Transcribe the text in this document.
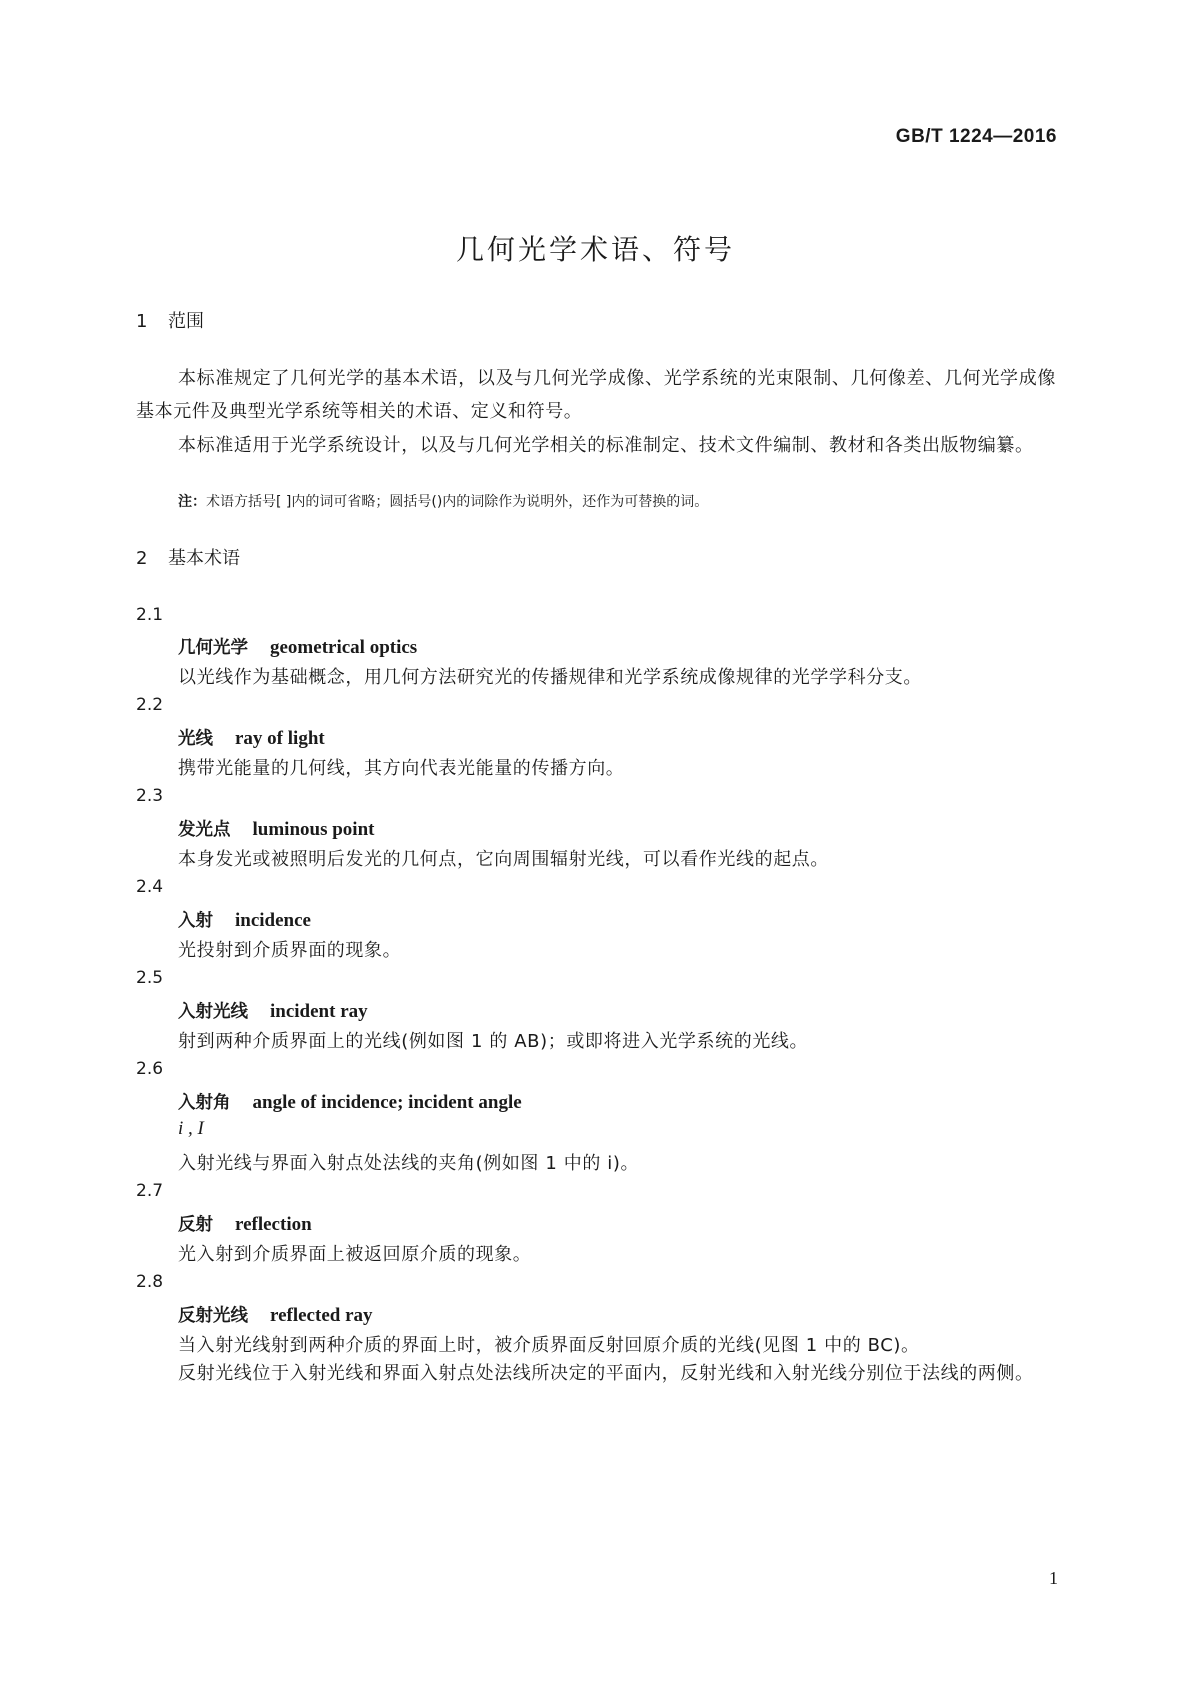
GB/T 1224—2016
几何光学术语、符号
1 范围
本标准规定了几何光学的基本术语，以及与几何光学成像、光学系统的光束限制、几何像差、几何光学成像基本元件及典型光学系统等相关的术语、定义和符号。
本标准适用于光学系统设计，以及与几何光学相关的标准制定、技术文件编制、教材和各类出版物编纂。
注：术语方括号[ ]内的词可省略；圆括号()内的词除作为说明外，还作为可替换的词。
2 基本术语
2.1
几何光学 geometrical optics
以光线作为基础概念，用几何方法研究光的传播规律和光学系统成像规律的光学学科分支。
2.2
光线 ray of light
携带光能量的几何线，其方向代表光能量的传播方向。
2.3
发光点 luminous point
本身发光或被照明后发光的几何点，它向周围辐射光线，可以看作光线的起点。
2.4
入射 incidence
光投射到介质界面的现象。
2.5
入射光线 incident ray
射到两种介质界面上的光线(例如图 1 的 AB)；或即将进入光学系统的光线。
2.6
入射角 angle of incidence; incident angle
i , I
入射光线与界面入射点处法线的夹角(例如图 1 中的 i)。
2.7
反射 reflection
光入射到介质界面上被返回原介质的现象。
2.8
反射光线 reflected ray
当入射光线射到两种介质的界面上时，被介质界面反射回原介质的光线(见图 1 中的 BC)。
反射光线位于入射光线和界面入射点处法线所决定的平面内，反射光线和入射光线分别位于法线的两侧。
1
